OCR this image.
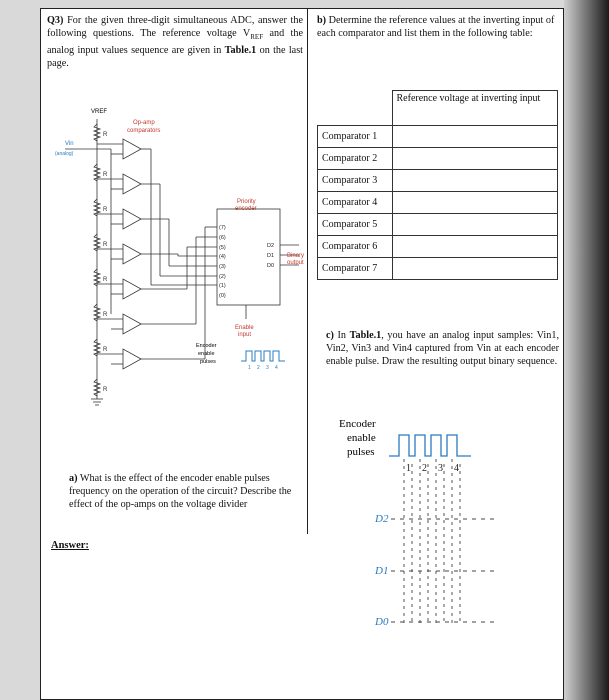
Q3) For the given three-digit simultaneous ADC, answer the following questions. The reference voltage $V_{REF}$ and the analog input values sequence are given in Table.1 on the last page.
b) Determine the reference values at the inverting input of each comparator and list them in the following table:
	Reference voltage at inverting input
Comparator 1	
Comparator 2	
Comparator 3	
Comparator 4	
Comparator 5	
Comparator 6	
Comparator 7	
c) In Table.1, you have an analog input samples: Vin1, Vin2, Vin3 and Vin4 captured from Vin at each encoder enable pulse. Draw the resulting output binary sequence.
a) What is the effect of the encoder enable pulses frequency on the operation of the circuit? Describe the effect of the op-amps on the voltage divider
Answer:
R
R
R
R
R
R
R
R
(7)
(6)
(5)
(4)
(3)
(2)
(1)
(0)
VREF
Vin
(analog)
Op-amp
comparators
Priority
encoder
Binary
output
Enable
input
Encoder
enable
pulses
D2
D1
D0
1 2 3 4
Encoder
enable
pulses
1 2 3 4
D2
D1
D0
